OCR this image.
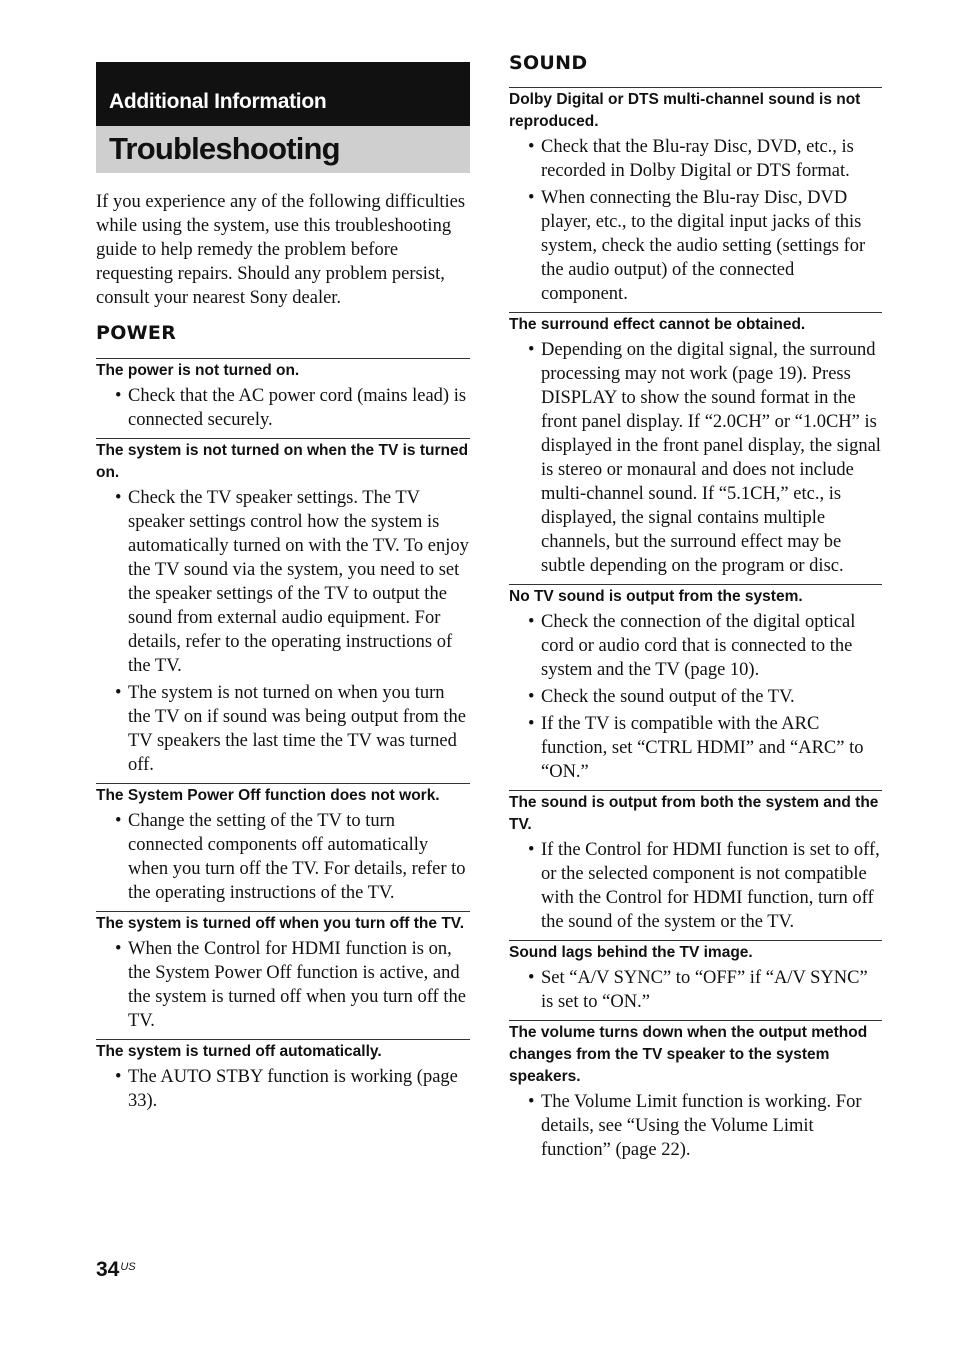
Additional Information
Troubleshooting

If you experience any of the following difficulties while using the system, use this troubleshooting guide to help remedy the problem before requesting repairs. Should any problem persist, consult your nearest Sony dealer.

POWER
The power is not turned on.
• Check that the AC power cord (mains lead) is connected securely.
The system is not turned on when the TV is turned on.
• Check the TV speaker settings. The TV speaker settings control how the system is automatically turned on with the TV. To enjoy the TV sound via the system, you need to set the speaker settings of the TV to output the sound from external audio equipment. For details, refer to the operating instructions of the TV.
• The system is not turned on when you turn the TV on if sound was being output from the TV speakers the last time the TV was turned off.
The System Power Off function does not work.
• Change the setting of the TV to turn connected components off automatically when you turn off the TV. For details, refer to the operating instructions of the TV.
The system is turned off when you turn off the TV.
• When the Control for HDMI function is on, the System Power Off function is active, and the system is turned off when you turn off the TV.
The system is turned off automatically.
• The AUTO STBY function is working (page 33).
SOUND
Dolby Digital or DTS multi-channel sound is not reproduced.
• Check that the Blu-ray Disc, DVD, etc., is recorded in Dolby Digital or DTS format.
• When connecting the Blu-ray Disc, DVD player, etc., to the digital input jacks of this system, check the audio setting (settings for the audio output) of the connected component.
The surround effect cannot be obtained.
• Depending on the digital signal, the surround processing may not work (page 19). Press DISPLAY to show the sound format in the front panel display. If “2.0CH” or “1.0CH” is displayed in the front panel display, the signal is stereo or monaural and does not include multi-channel sound. If “5.1CH,” etc., is displayed, the signal contains multiple channels, but the surround effect may be subtle depending on the program or disc.
No TV sound is output from the system.
• Check the connection of the digital optical cord or audio cord that is connected to the system and the TV (page 10).
• Check the sound output of the TV.
• If the TV is compatible with the ARC function, set “CTRL HDMI” and “ARC” to “ON.”
The sound is output from both the system and the TV.
• If the Control for HDMI function is set to off, or the selected component is not compatible with the Control for HDMI function, turn off the sound of the system or the TV.
Sound lags behind the TV image.
• Set “A/V SYNC” to “OFF” if “A/V SYNC” is set to “ON.”
The volume turns down when the output method changes from the TV speaker to the system speakers.
• The Volume Limit function is working. For details, see “Using the Volume Limit function” (page 22).
$34^{US}$
